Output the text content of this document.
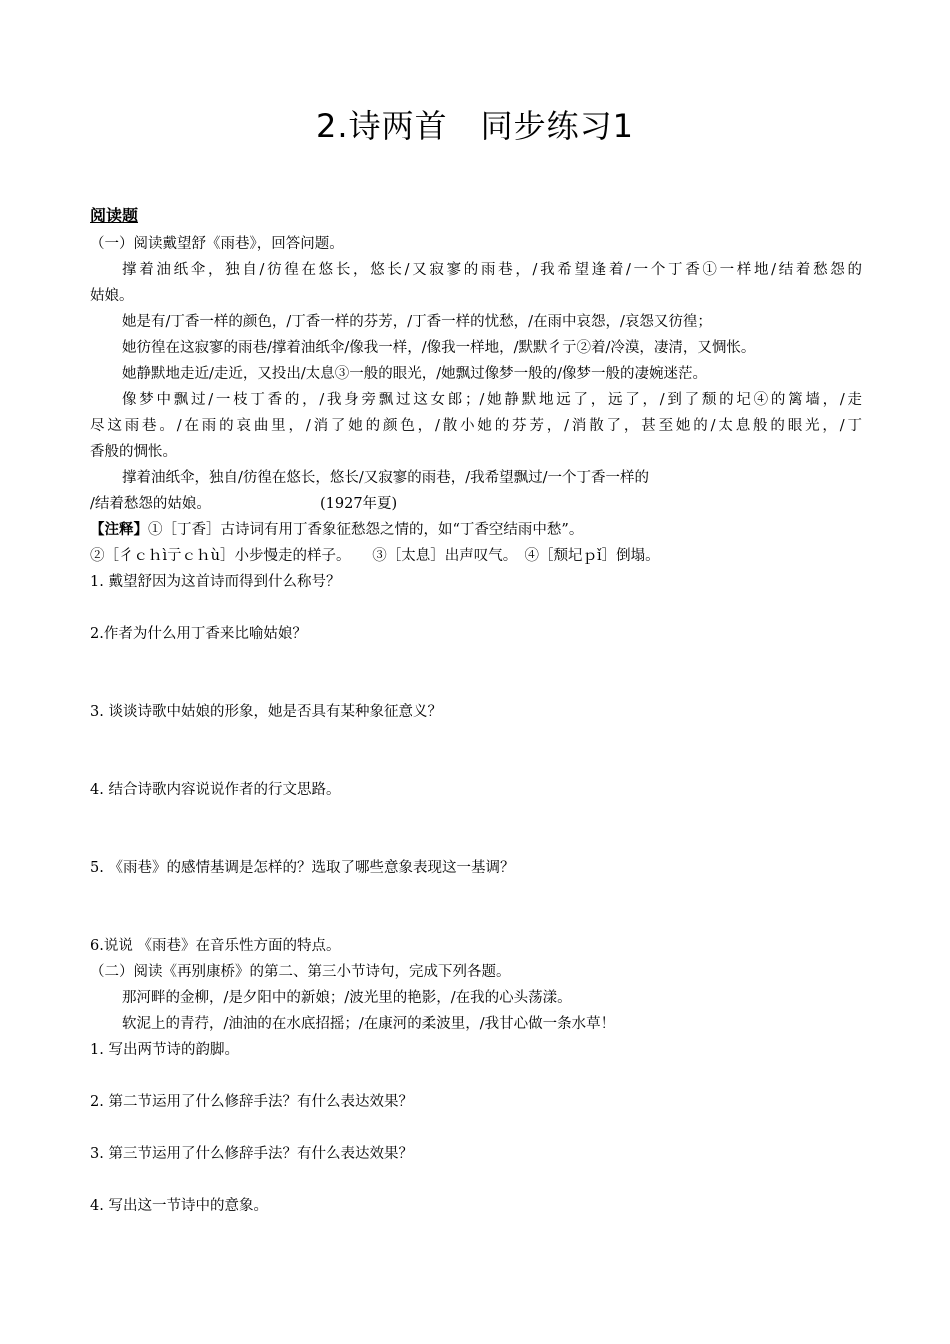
2.诗两首　同步练习1
阅读题
（一）阅读戴望舒《雨巷》，回答问题。
撑着油纸伞，独自/彷徨在悠长，悠长/又寂寥的雨巷，/我希望逢着/一个丁香①一样地/结着愁怨的
姑娘。
她是有/丁香一样的颜色，/丁香一样的芬芳，/丁香一样的忧愁，/在雨中哀怨，/哀怨又彷徨；
她彷徨在这寂寥的雨巷/撑着油纸伞/像我一样，/像我一样地，/默默彳亍②着/冷漠，凄清，又惆怅。
她静默地走近/走近，又投出/太息③一般的眼光，/她飘过像梦一般的/像梦一般的凄婉迷茫。
像梦中飘过/一枝丁香的，/我身旁飘过这女郎；/她静默地远了，远了，/到了颓的圮④的篱墙，/走
尽这雨巷。/在雨的哀曲里，/消了她的颜色，/散小她的芬芳，/消散了，甚至她的/太息般的眼光，/丁
香般的惆怅。
撑着油纸伞，独自/彷徨在悠长，悠长/又寂寥的雨巷，/我希望飘过/一个丁香一样的
/结着愁怨的姑娘。	(1927年夏)
【注释】①［丁香］古诗词有用丁香象征愁怨之情的，如“丁香空结雨中愁”。
②［彳ｃｈì亍ｃｈù］小步慢走的样子。　　③［太息］出声叹气。　④［颓圮ｐǐ］倒塌。
1. 戴望舒因为这首诗而得到什么称号？
2.作者为什么用丁香来比喻姑娘？
3. 谈谈诗歌中姑娘的形象，她是否具有某种象征意义？
4. 结合诗歌内容说说作者的行文思路。
5. 《雨巷》的感情基调是怎样的？选取了哪些意象表现这一基调？
6.说说 《雨巷》在音乐性方面的特点。
（二）阅读《再别康桥》的第二、第三小节诗句，完成下列各题。
那河畔的金柳，/是夕阳中的新娘；/波光里的艳影，/在我的心头荡漾。
软泥上的青荇，/油油的在水底招摇；/在康河的柔波里，/我甘心做一条水草！
1. 写出两节诗的韵脚。
2. 第二节运用了什么修辞手法？有什么表达效果？
3. 第三节运用了什么修辞手法？有什么表达效果？
4. 写出这一节诗中的意象。
